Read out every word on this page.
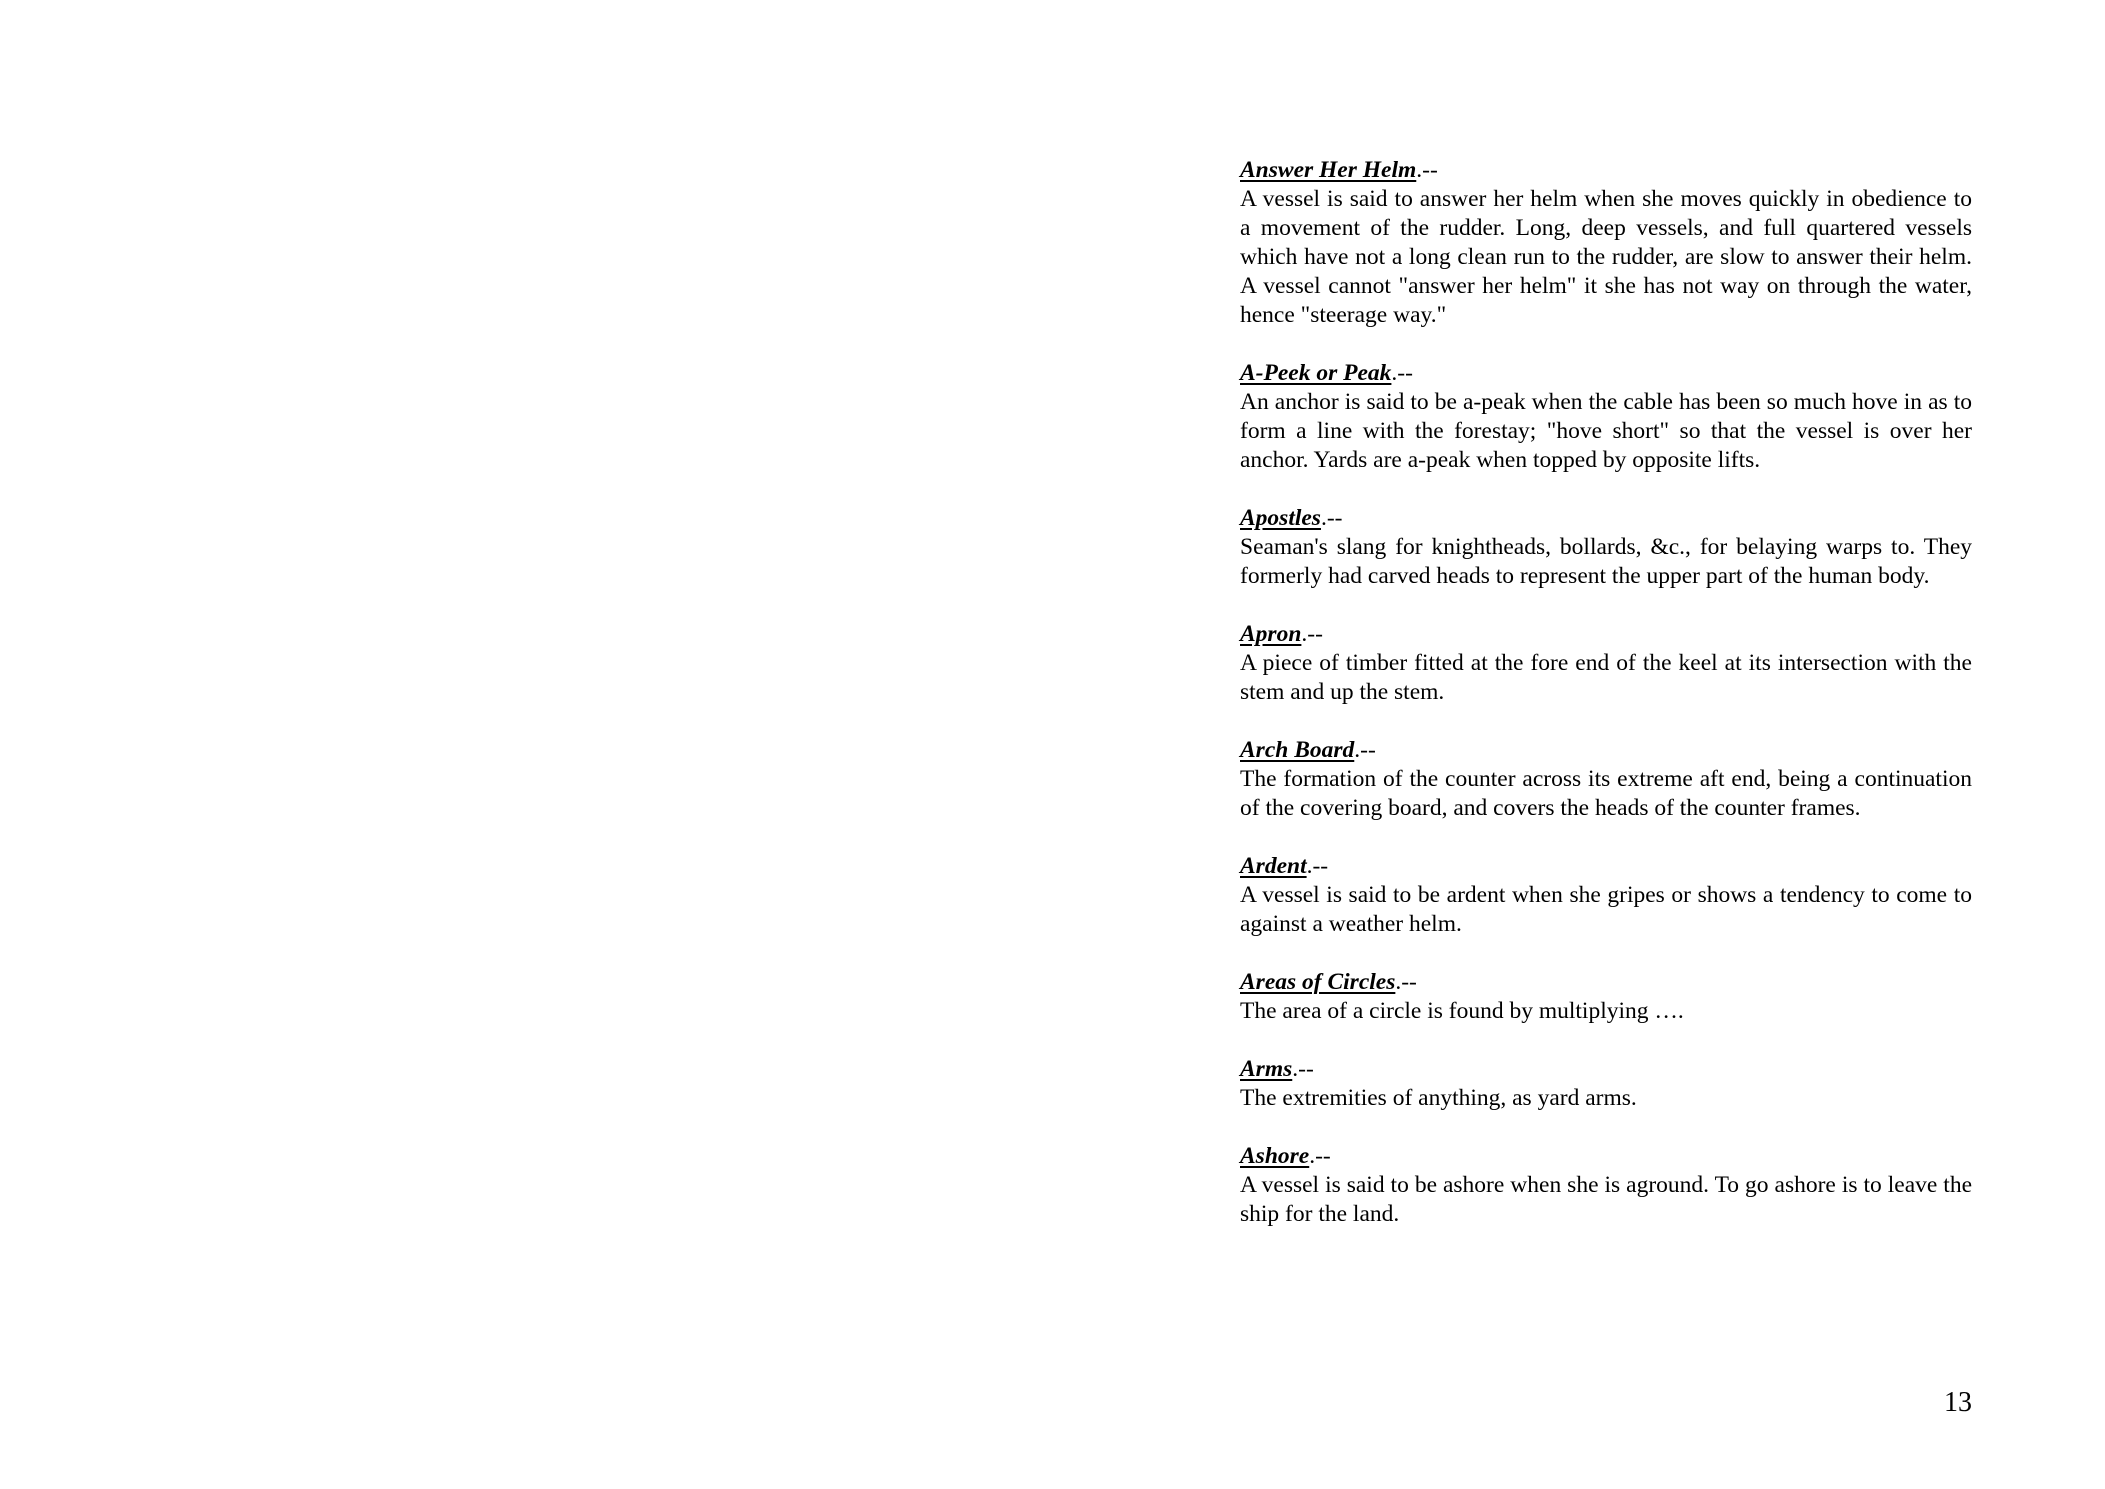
Answer Her Helm.--

A vessel is said to answer her helm when she moves quickly in obedience to a movement of the rudder. Long, deep vessels, and full quartered vessels which have not a long clean run to the rudder, are slow to answer their helm. A vessel cannot "answer her helm" it she has not way on through the water, hence "steerage way."

A-Peek or Peak.--

An anchor is said to be a-peak when the cable has been so much hove in as to form a line with the forestay; "hove short" so that the vessel is over her anchor. Yards are a-peak when topped by opposite lifts.

Apostles.--

Seaman's slang for knightheads, bollards, &c., for belaying warps to. They formerly had carved heads to represent the upper part of the human body.

Apron.--

A piece of timber fitted at the fore end of the keel at its intersection with the stem and up the stem.

Arch Board.--

The formation of the counter across its extreme aft end, being a continuation of the covering board, and covers the heads of the counter frames.

Ardent.--

A vessel is said to be ardent when she gripes or shows a tendency to come to against a weather helm.

Areas of Circles.--

The area of a circle is found by multiplying ….

Arms.--

The extremities of anything, as yard arms.

Ashore.--

A vessel is said to be ashore when she is aground. To go ashore is to leave the ship for the land.

13
